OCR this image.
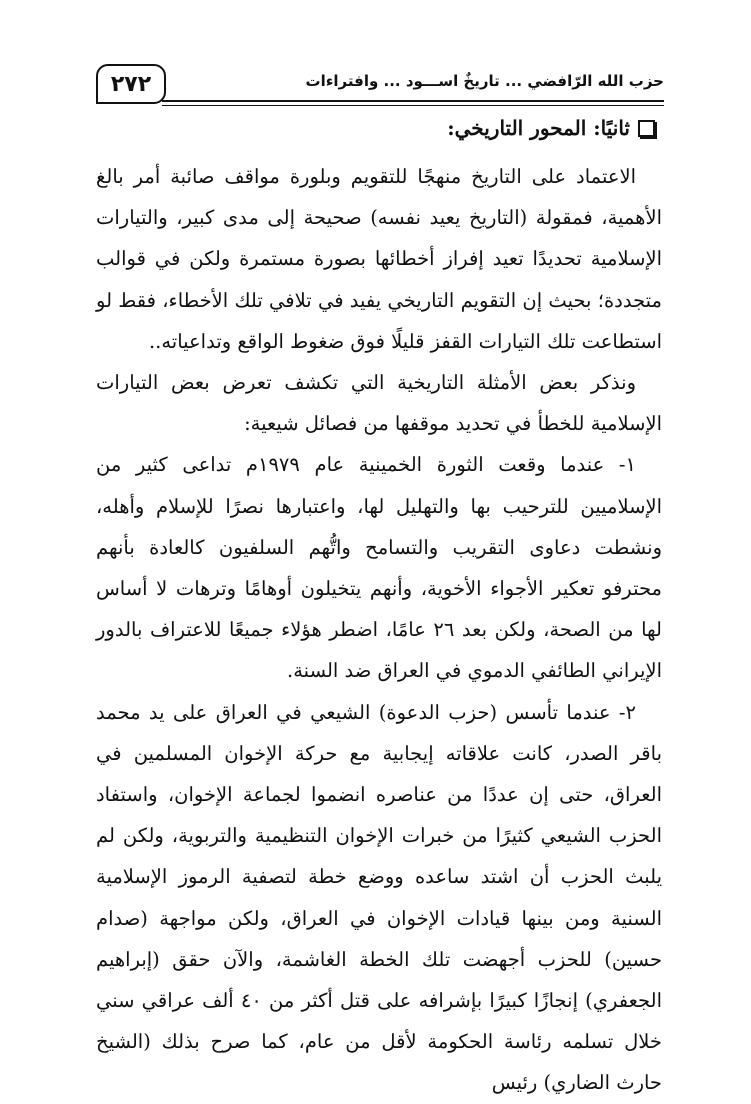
٢٧٢	حزب الله الرّافضي ... تاريخٌ اســـود ... وافتراءات
ثانيًا: المحور التاريخي:

الاعتماد على التاريخ منهجًا للتقويم وبلورة مواقف صائبة أمر بالغ الأهمية، فمقولة (التاريخ يعيد نفسه) صحيحة إلى مدى كبير، والتيارات الإسلامية تحديدًا تعيد إفراز أخطائها بصورة مستمرة ولكن في قوالب متجددة؛ بحيث إن التقويم التاريخي يفيد في تلافي تلك الأخطاء، فقط لو استطاعت تلك التيارات القفز قليلًا فوق ضغوط الواقع وتداعياته..

ونذكر بعض الأمثلة التاريخية التي تكشف تعرض بعض التيارات الإسلامية للخطأ في تحديد موقفها من فصائل شيعية:

١- عندما وقعت الثورة الخمينية عام ١٩٧٩م تداعى كثير من الإسلاميين للترحيب بها والتهليل لها، واعتبارها نصرًا للإسلام وأهله، ونشطت دعاوى التقريب والتسامح واتُّهم السلفيون كالعادة بأنهم محترفو تعكير الأجواء الأخوية، وأنهم يتخيلون أوهامًا وترهات لا أساس لها من الصحة، ولكن بعد ٢٦ عامًا، اضطر هؤلاء جميعًا للاعتراف بالدور الإيراني الطائفي الدموي في العراق ضد السنة.

٢- عندما تأسس (حزب الدعوة) الشيعي في العراق على يد محمد باقر الصدر، كانت علاقاته إيجابية مع حركة الإخوان المسلمين في العراق، حتى إن عددًا من عناصره انضموا لجماعة الإخوان، واستفاد الحزب الشيعي كثيرًا من خبرات الإخوان التنظيمية والتربوية، ولكن لم يلبث الحزب أن اشتد ساعده ووضع خطة لتصفية الرموز الإسلامية السنية ومن بينها قيادات الإخوان في العراق، ولكن مواجهة (صدام حسين) للحزب أجهضت تلك الخطة الغاشمة، والآن حقق (إبراهيم الجعفري) إنجازًا كبيرًا بإشرافه على قتل أكثر من ٤٠ ألف عراقي سني خلال تسلمه رئاسة الحكومة لأقل من عام، كما صرح بذلك (الشيخ حارث الضاري) رئيس
